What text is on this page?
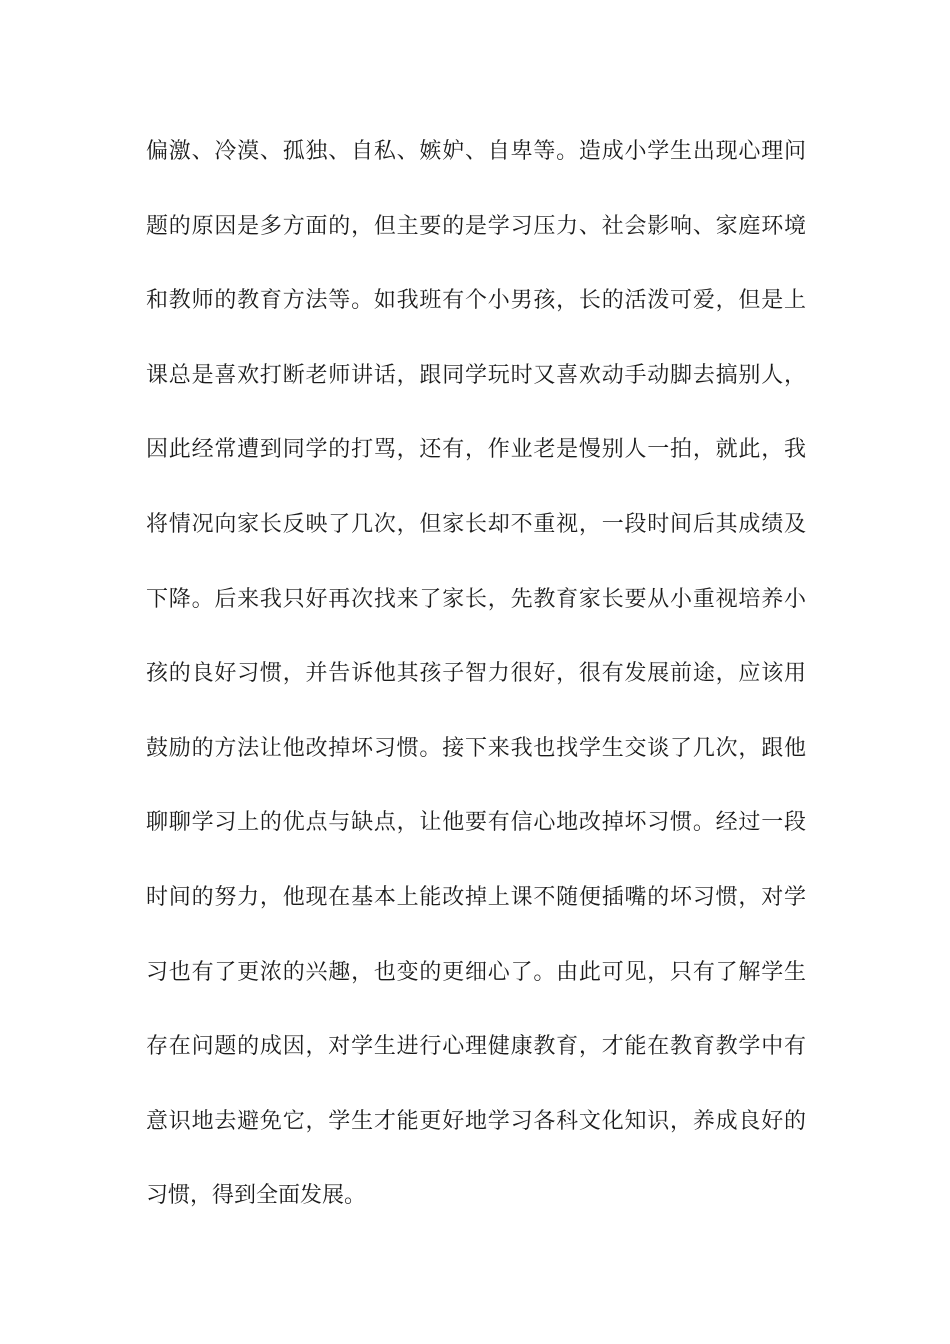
偏激、冷漠、孤独、自私、嫉妒、自卑等。造成小学生出现心理问
题的原因是多方面的，但主要的是学习压力、社会影响、家庭环境
和教师的教育方法等。如我班有个小男孩，长的活泼可爱，但是上
课总是喜欢打断老师讲话，跟同学玩时又喜欢动手动脚去搞别人，
因此经常遭到同学的打骂，还有，作业老是慢别人一拍，就此，我
将情况向家长反映了几次，但家长却不重视，一段时间后其成绩及
下降。后来我只好再次找来了家长，先教育家长要从小重视培养小
孩的良好习惯，并告诉他其孩子智力很好，很有发展前途，应该用
鼓励的方法让他改掉坏习惯。接下来我也找学生交谈了几次，跟他
聊聊学习上的优点与缺点，让他要有信心地改掉坏习惯。经过一段
时间的努力，他现在基本上能改掉上课不随便插嘴的坏习惯，对学
习也有了更浓的兴趣，也变的更细心了。由此可见，只有了解学生
存在问题的成因，对学生进行心理健康教育，才能在教育教学中有
意识地去避免它，学生才能更好地学习各科文化知识，养成良好的
习惯，得到全面发展。
